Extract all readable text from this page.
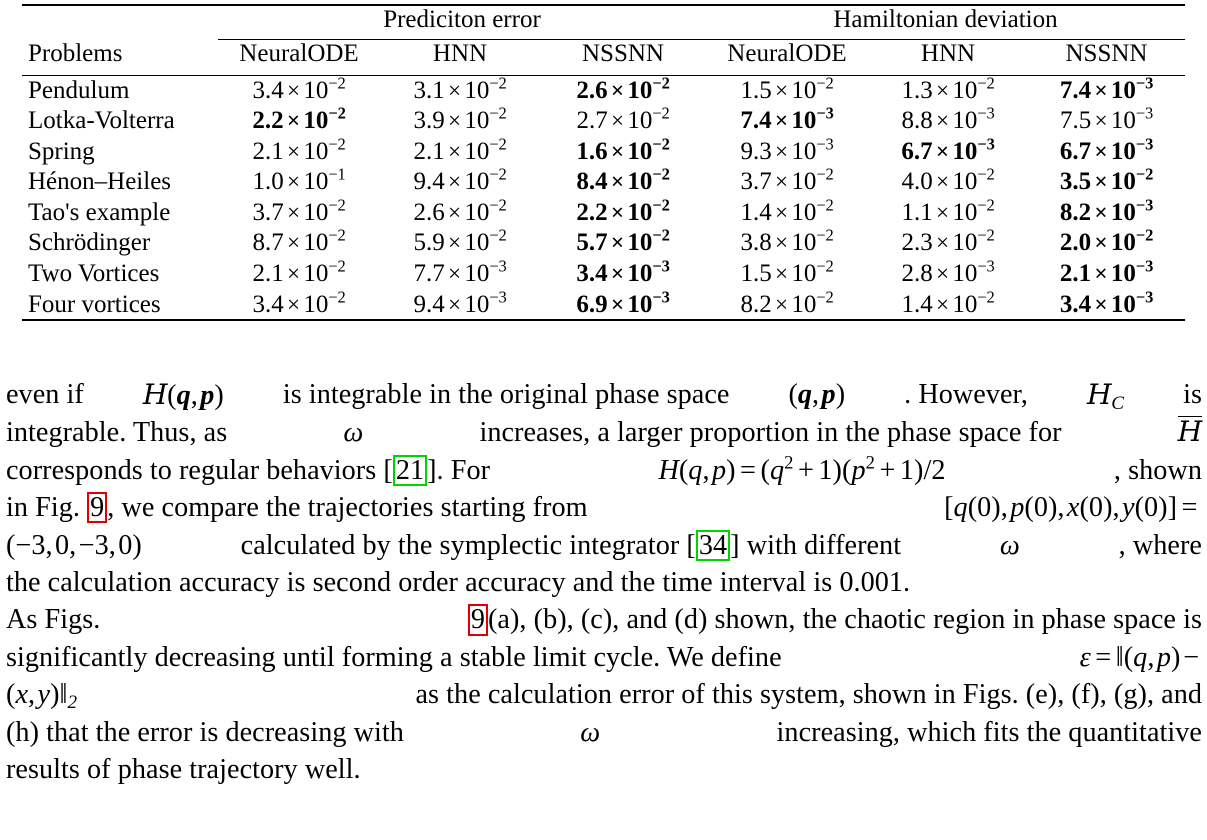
	Prediciton error			Hamiltonian deviation		
Problems	NeuralODE	HNN	NSSNN	NeuralODE	HNN	NSSNN

Pendulum	$3.4 \times 10^{-2}$	$3.1 \times 10^{-2}$	$2.6 \times 10^{-2}$	$1.5 \times 10^{-2}$	$1.3 \times 10^{-2}$	$7.4 \times 10^{-3}$
Lotka-Volterra	$2.2 \times 10^{-2}$	$3.9 \times 10^{-2}$	$2.7 \times 10^{-2}$	$7.4 \times 10^{-3}$	$8.8 \times 10^{-3}$	$7.5 \times 10^{-3}$
Spring	$2.1 \times 10^{-2}$	$2.1 \times 10^{-2}$	$1.6 \times 10^{-2}$	$9.3 \times 10^{-3}$	$6.7 \times 10^{-3}$	$6.7 \times 10^{-3}$
Hénon–Heiles	$1.0 \times 10^{-1}$	$9.4 \times 10^{-2}$	$8.4 \times 10^{-2}$	$3.7 \times 10^{-2}$	$4.0 \times 10^{-2}$	$3.5 \times 10^{-2}$
Tao's example	$3.7 \times 10^{-2}$	$2.6 \times 10^{-2}$	$2.2 \times 10^{-2}$	$1.4 \times 10^{-2}$	$1.1 \times 10^{-2}$	$8.2 \times 10^{-3}$
Schrödinger	$8.7 \times 10^{-2}$	$5.9 \times 10^{-2}$	$5.7 \times 10^{-2}$	$3.8 \times 10^{-2}$	$2.3 \times 10^{-2}$	$2.0 \times 10^{-2}$
Two Vortices	$2.1 \times 10^{-2}$	$7.7 \times 10^{-3}$	$3.4 \times 10^{-3}$	$1.5 \times 10^{-2}$	$2.8 \times 10^{-3}$	$2.1 \times 10^{-3}$
Four vortices	$3.4 \times 10^{-2}$	$9.4 \times 10^{-3}$	$6.9 \times 10^{-3}$	$8.2 \times 10^{-2}$	$1.4 \times 10^{-2}$	$3.4 \times 10^{-3}$

even if H(q, p) is integrable in the original phase space (q, p) . However, $H_C$ is
integrable. Thus, as	ω	increases, a larger proportion in the phase space for	H
corresponds to regular behaviors [ 21 ]. For	H(q, $p) = (q^2 + 1)(p^2 + 1)/2$	, shown
in Fig. 9 , we compare the trajectories starting from	[q(0), p(0), x(0), y(0)] =
(−3, 0, −3, 0)	calculated by the symplectic integrator [ 34 ] with different	ω	, where
the calculation accuracy is second order accuracy and the time interval is 0.001.
As Figs.	9 (a), (b), (c), and (d) shown, the chaotic region in phase space is
significantly decreasing until forming a stable limit cycle. We define	ε = ‖(q, p)−
(x, $y)‖_2$	as the calculation error of this system, shown in Figs. (e), (f), (g), and
(h) that the error is decreasing with	ω	increasing, which fits the quantitative
results of phase trajectory well.
